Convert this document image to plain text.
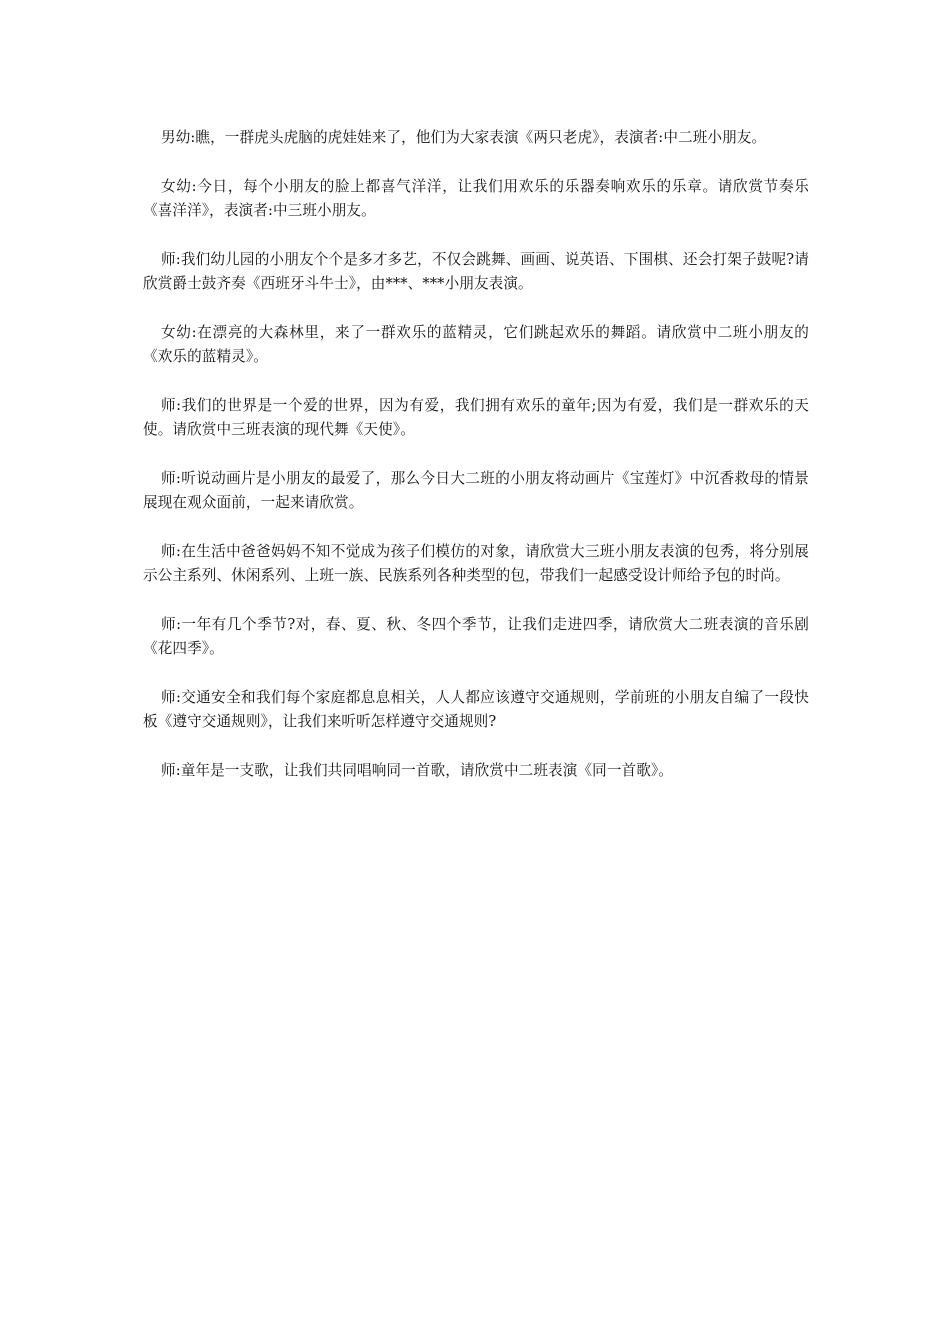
男幼:瞧，一群虎头虎脑的虎娃娃来了，他们为大家表演《两只老虎》，表演者:中二班小朋友。

女幼:今日，每个小朋友的脸上都喜气洋洋，让我们用欢乐的乐器奏响欢乐的乐章。请欣赏节奏乐《喜洋洋》，表演者:中三班小朋友。

师:我们幼儿园的小朋友个个是多才多艺，不仅会跳舞、画画、说英语、下围棋、还会打架子鼓呢?请欣赏爵士鼓齐奏《西班牙斗牛士》，由***、***小朋友表演。

女幼:在漂亮的大森林里，来了一群欢乐的蓝精灵，它们跳起欢乐的舞蹈。请欣赏中二班小朋友的《欢乐的蓝精灵》。

师:我们的世界是一个爱的世界，因为有爱，我们拥有欢乐的童年;因为有爱，我们是一群欢乐的天使。请欣赏中三班表演的现代舞《天使》。

师:听说动画片是小朋友的最爱了，那么今日大二班的小朋友将动画片《宝莲灯》中沉香救母的情景展现在观众面前，一起来请欣赏。

师:在生活中爸爸妈妈不知不觉成为孩子们模仿的对象，请欣赏大三班小朋友表演的包秀，将分别展示公主系列、休闲系列、上班一族、民族系列各种类型的包，带我们一起感受设计师给予包的时尚。

师:一年有几个季节?对，春、夏、秋、冬四个季节，让我们走进四季，请欣赏大二班表演的音乐剧《花四季》。

师:交通安全和我们每个家庭都息息相关，人人都应该遵守交通规则，学前班的小朋友自编了一段快板《遵守交通规则》，让我们来听听怎样遵守交通规则?

师:童年是一支歌，让我们共同唱响同一首歌，请欣赏中二班表演《同一首歌》。
